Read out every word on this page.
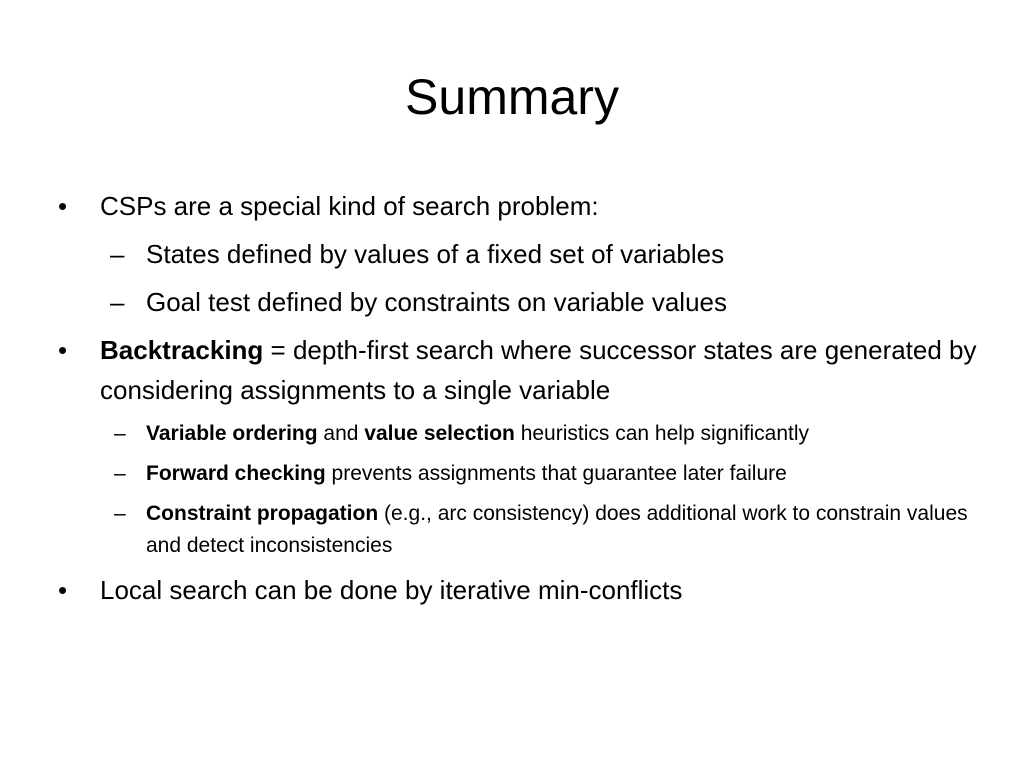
Summary
•	CSPs are a special kind of search problem:
– States defined by values of a fixed set of variables
– Goal test defined by constraints on variable values
•	Backtracking = depth-first search where successor states are generated by considering assignments to a single variable
– Variable ordering and value selection heuristics can help significantly
– Forward checking prevents assignments that guarantee later failure
– Constraint propagation (e.g., arc consistency) does additional work to constrain values and detect inconsistencies
•	Local search can be done by iterative min-conflicts
